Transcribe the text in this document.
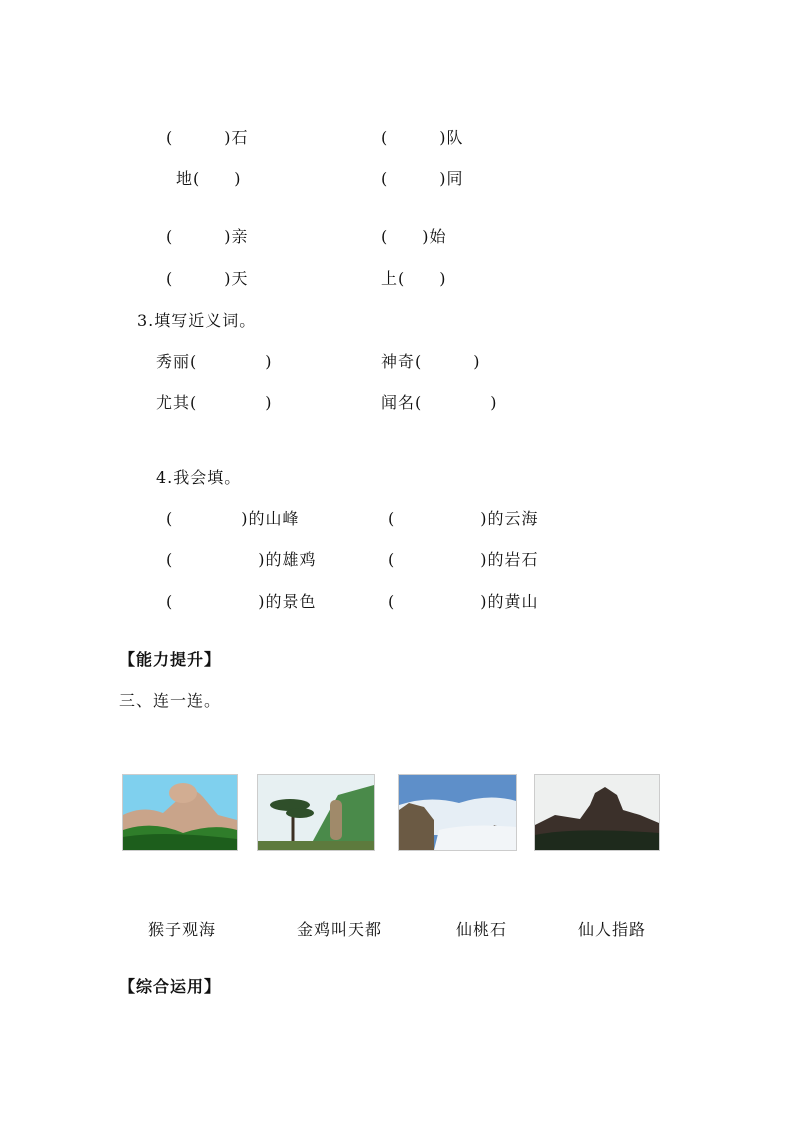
(　　　)石	(　　　)队
地(　　)	(　　　)同
(　　　)亲	(　　)始
(　　　)天	上(　　)
3.填写近义词。
秀丽(　　　　)	神奇(　　　)
尤其(　　　　)	闻名(　　　　)
4.我会填。
(　　　　)的山峰	(　　　　　)的云海
(　　　　　)的雄鸡	(　　　　　)的岩石
(　　　　　)的景色	(　　　　　)的黄山
【能力提升】
三、连一连。
猴子观海	金鸡叫天都	仙桃石	仙人指路
【综合运用】
